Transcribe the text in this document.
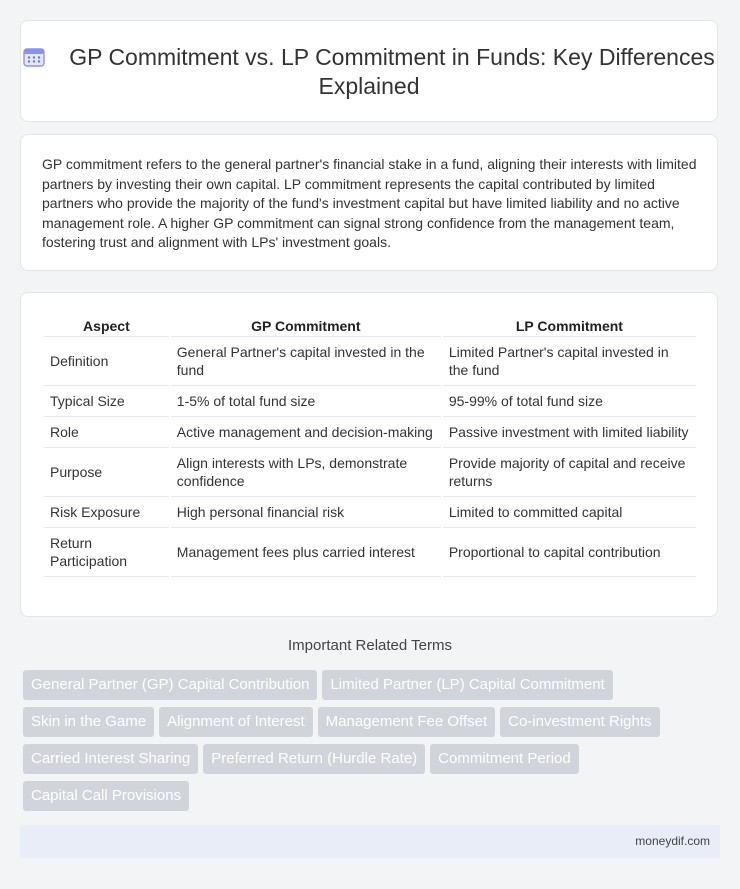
GP Commitment vs. LP Commitment in Funds: Key Differences Explained
GP commitment refers to the general partner's financial stake in a fund, aligning their interests with limited partners by investing their own capital. LP commitment represents the capital contributed by limited partners who provide the majority of the fund's investment capital but have limited liability and no active management role. A higher GP commitment can signal strong confidence from the management team, fostering trust and alignment with LPs' investment goals.
Aspect	GP Commitment	LP Commitment
Definition	General Partner's capital invested in the fund	Limited Partner's capital invested in the fund
Typical Size	1-5% of total fund size	95-99% of total fund size
Role	Active management and decision-making	Passive investment with limited liability
Purpose	Align interests with LPs, demonstrate confidence	Provide majority of capital and receive returns
Risk Exposure	High personal financial risk	Limited to committed capital
Return Participation	Management fees plus carried interest	Proportional to capital contribution
Important Related Terms
General Partner (GP) Capital Contribution Limited Partner (LP) Capital Commitment
Skin in the Game Alignment of Interest Management Fee Offset Co-investment Rights
Carried Interest Sharing Preferred Return (Hurdle Rate) Commitment Period
Capital Call Provisions
moneydif.com
